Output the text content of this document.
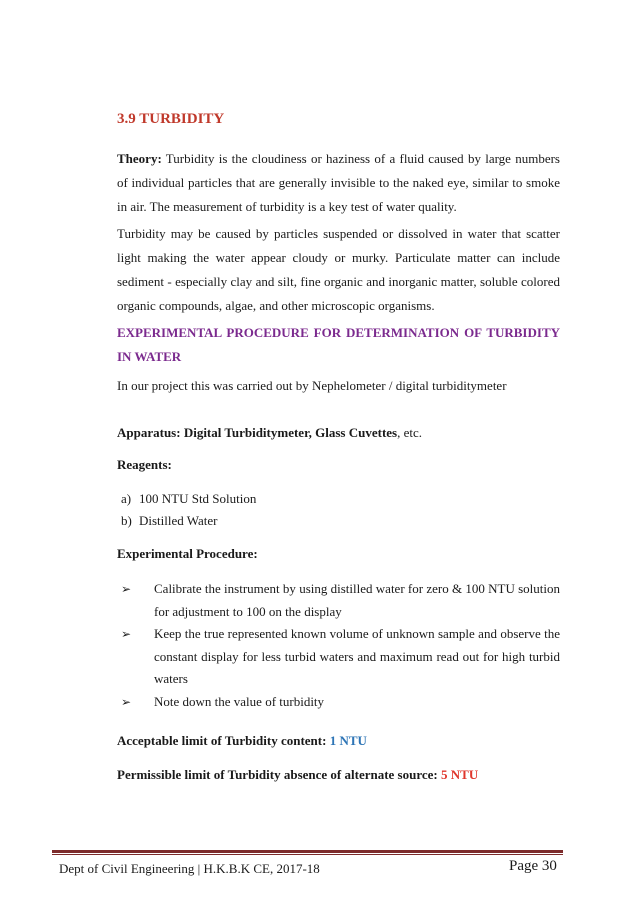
3.9 TURBIDITY

Theory: Turbidity is the cloudiness or haziness of a fluid caused by large numbers of individual particles that are generally invisible to the naked eye, similar to smoke in air. The measurement of turbidity is a key test of water quality.

Turbidity may be caused by particles suspended or dissolved in water that scatter light making the water appear cloudy or murky. Particulate matter can include sediment - especially clay and silt, fine organic and inorganic matter, soluble colored organic compounds, algae, and other microscopic organisms.

EXPERIMENTAL PROCEDURE FOR DETERMINATION OF TURBIDITY IN WATER

In our project this was carried out by Nephelometer / digital turbiditymeter

Apparatus: Digital Turbiditymeter, Glass Cuvettes, etc.

Reagents:

a) 100 NTU Std Solution
b) Distilled Water

Experimental Procedure:

➢ Calibrate the instrument by using distilled water for zero & 100 NTU solution for adjustment to 100 on the display
➢ Keep the true represented known volume of unknown sample and observe the constant display for less turbid waters and maximum read out for high turbid waters
➢ Note down the value of turbidity

Acceptable limit of Turbidity content: 1 NTU

Permissible limit of Turbidity absence of alternate source: 5 NTU

Dept of Civil Engineering | H.K.B.K CE, 2017-18	Page 30
